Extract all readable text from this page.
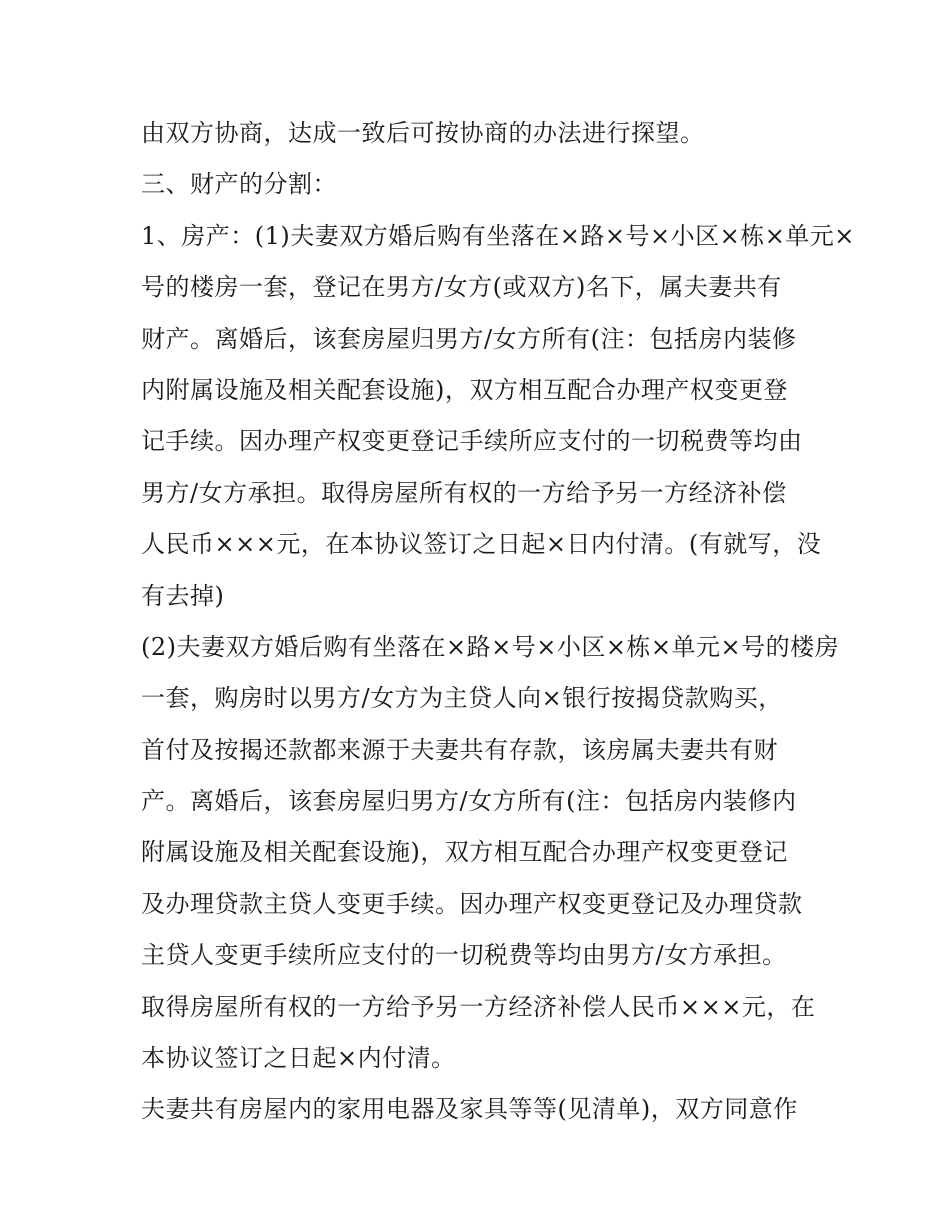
由双方协商，达成一致后可按协商的办法进行探望。
三、财产的分割：
1、房产：(1)夫妻双方婚后购有坐落在×路×号×小区×栋×单元×
号的楼房一套，登记在男方/女方(或双方)名下，属夫妻共有
财产。离婚后，该套房屋归男方/女方所有(注：包括房内装修
内附属设施及相关配套设施)，双方相互配合办理产权变更登
记手续。因办理产权变更登记手续所应支付的一切税费等均由
男方/女方承担。取得房屋所有权的一方给予另一方经济补偿
人民币×××元，在本协议签订之日起×日内付清。(有就写，没
有去掉)
(2)夫妻双方婚后购有坐落在×路×号×小区×栋×单元×号的楼房
一套，购房时以男方/女方为主贷人向×银行按揭贷款购买，
首付及按揭还款都来源于夫妻共有存款，该房属夫妻共有财
产。离婚后，该套房屋归男方/女方所有(注：包括房内装修内
附属设施及相关配套设施)，双方相互配合办理产权变更登记
及办理贷款主贷人变更手续。因办理产权变更登记及办理贷款
主贷人变更手续所应支付的一切税费等均由男方/女方承担。
取得房屋所有权的一方给予另一方经济补偿人民币×××元，在
本协议签订之日起×内付清。
夫妻共有房屋内的家用电器及家具等等(见清单)，双方同意作
